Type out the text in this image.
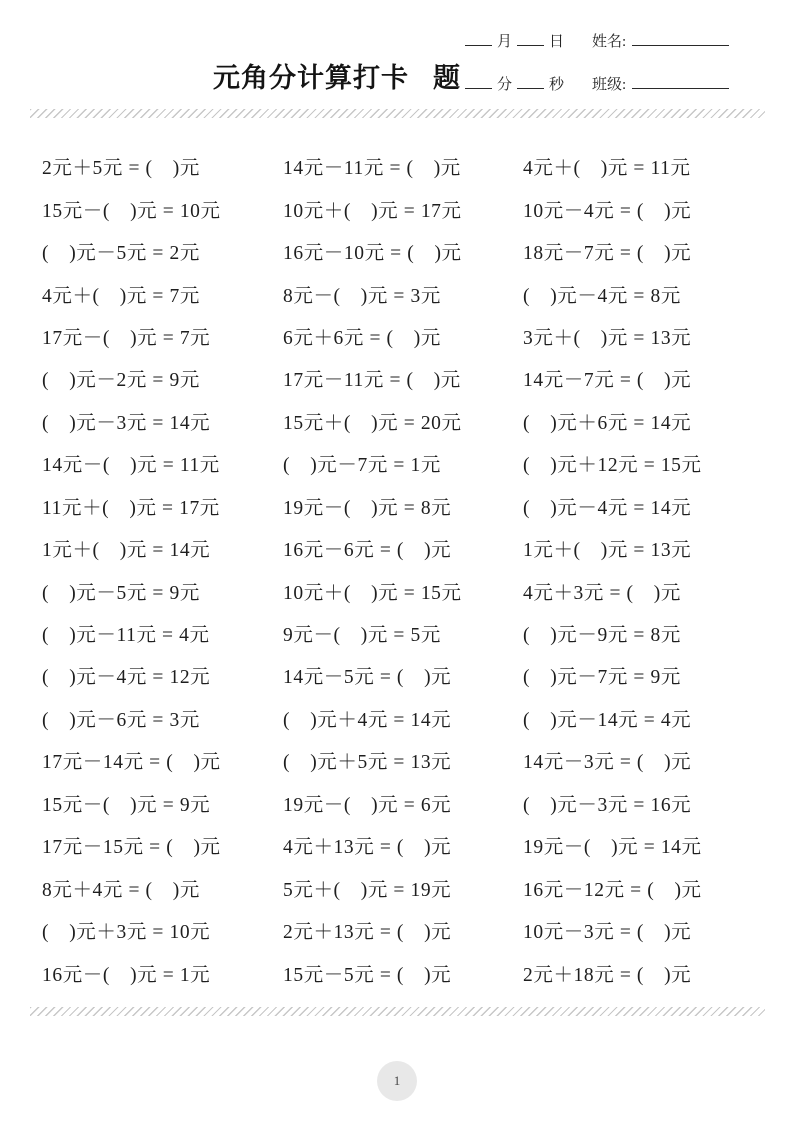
元角分计算打卡 题
月 日 姓名:
分 秒 班级:
2元＋5元 = (　)元
15元－(　)元 = 10元
(　)元－5元 = 2元
4元＋(　)元 = 7元
17元－(　)元 = 7元
(　)元－2元 = 9元
(　)元－3元 = 14元
14元－(　)元 = 11元
11元＋(　)元 = 17元
1元＋(　)元 = 14元
(　)元－5元 = 9元
(　)元－11元 = 4元
(　)元－4元 = 12元
(　)元－6元 = 3元
17元－14元 = (　)元
15元－(　)元 = 9元
17元－15元 = (　)元
8元＋4元 = (　)元
(　)元＋3元 = 10元
16元－(　)元 = 1元
14元－11元 = (　)元
10元＋(　)元 = 17元
16元－10元 = (　)元
8元－(　)元 = 3元
6元＋6元 = (　)元
17元－11元 = (　)元
15元＋(　)元 = 20元
(　)元－7元 = 1元
19元－(　)元 = 8元
16元－6元 = (　)元
10元＋(　)元 = 15元
9元－(　)元 = 5元
14元－5元 = (　)元
(　)元＋4元 = 14元
(　)元＋5元 = 13元
19元－(　)元 = 6元
4元＋13元 = (　)元
5元＋(　)元 = 19元
2元＋13元 = (　)元
15元－5元 = (　)元
4元＋(　)元 = 11元
10元－4元 = (　)元
18元－7元 = (　)元
(　)元－4元 = 8元
3元＋(　)元 = 13元
14元－7元 = (　)元
(　)元＋6元 = 14元
(　)元＋12元 = 15元
(　)元－4元 = 14元
1元＋(　)元 = 13元
4元＋3元 = (　)元
(　)元－9元 = 8元
(　)元－7元 = 9元
(　)元－14元 = 4元
14元－3元 = (　)元
(　)元－3元 = 16元
19元－(　)元 = 14元
16元－12元 = (　)元
10元－3元 = (　)元
2元＋18元 = (　)元
1
